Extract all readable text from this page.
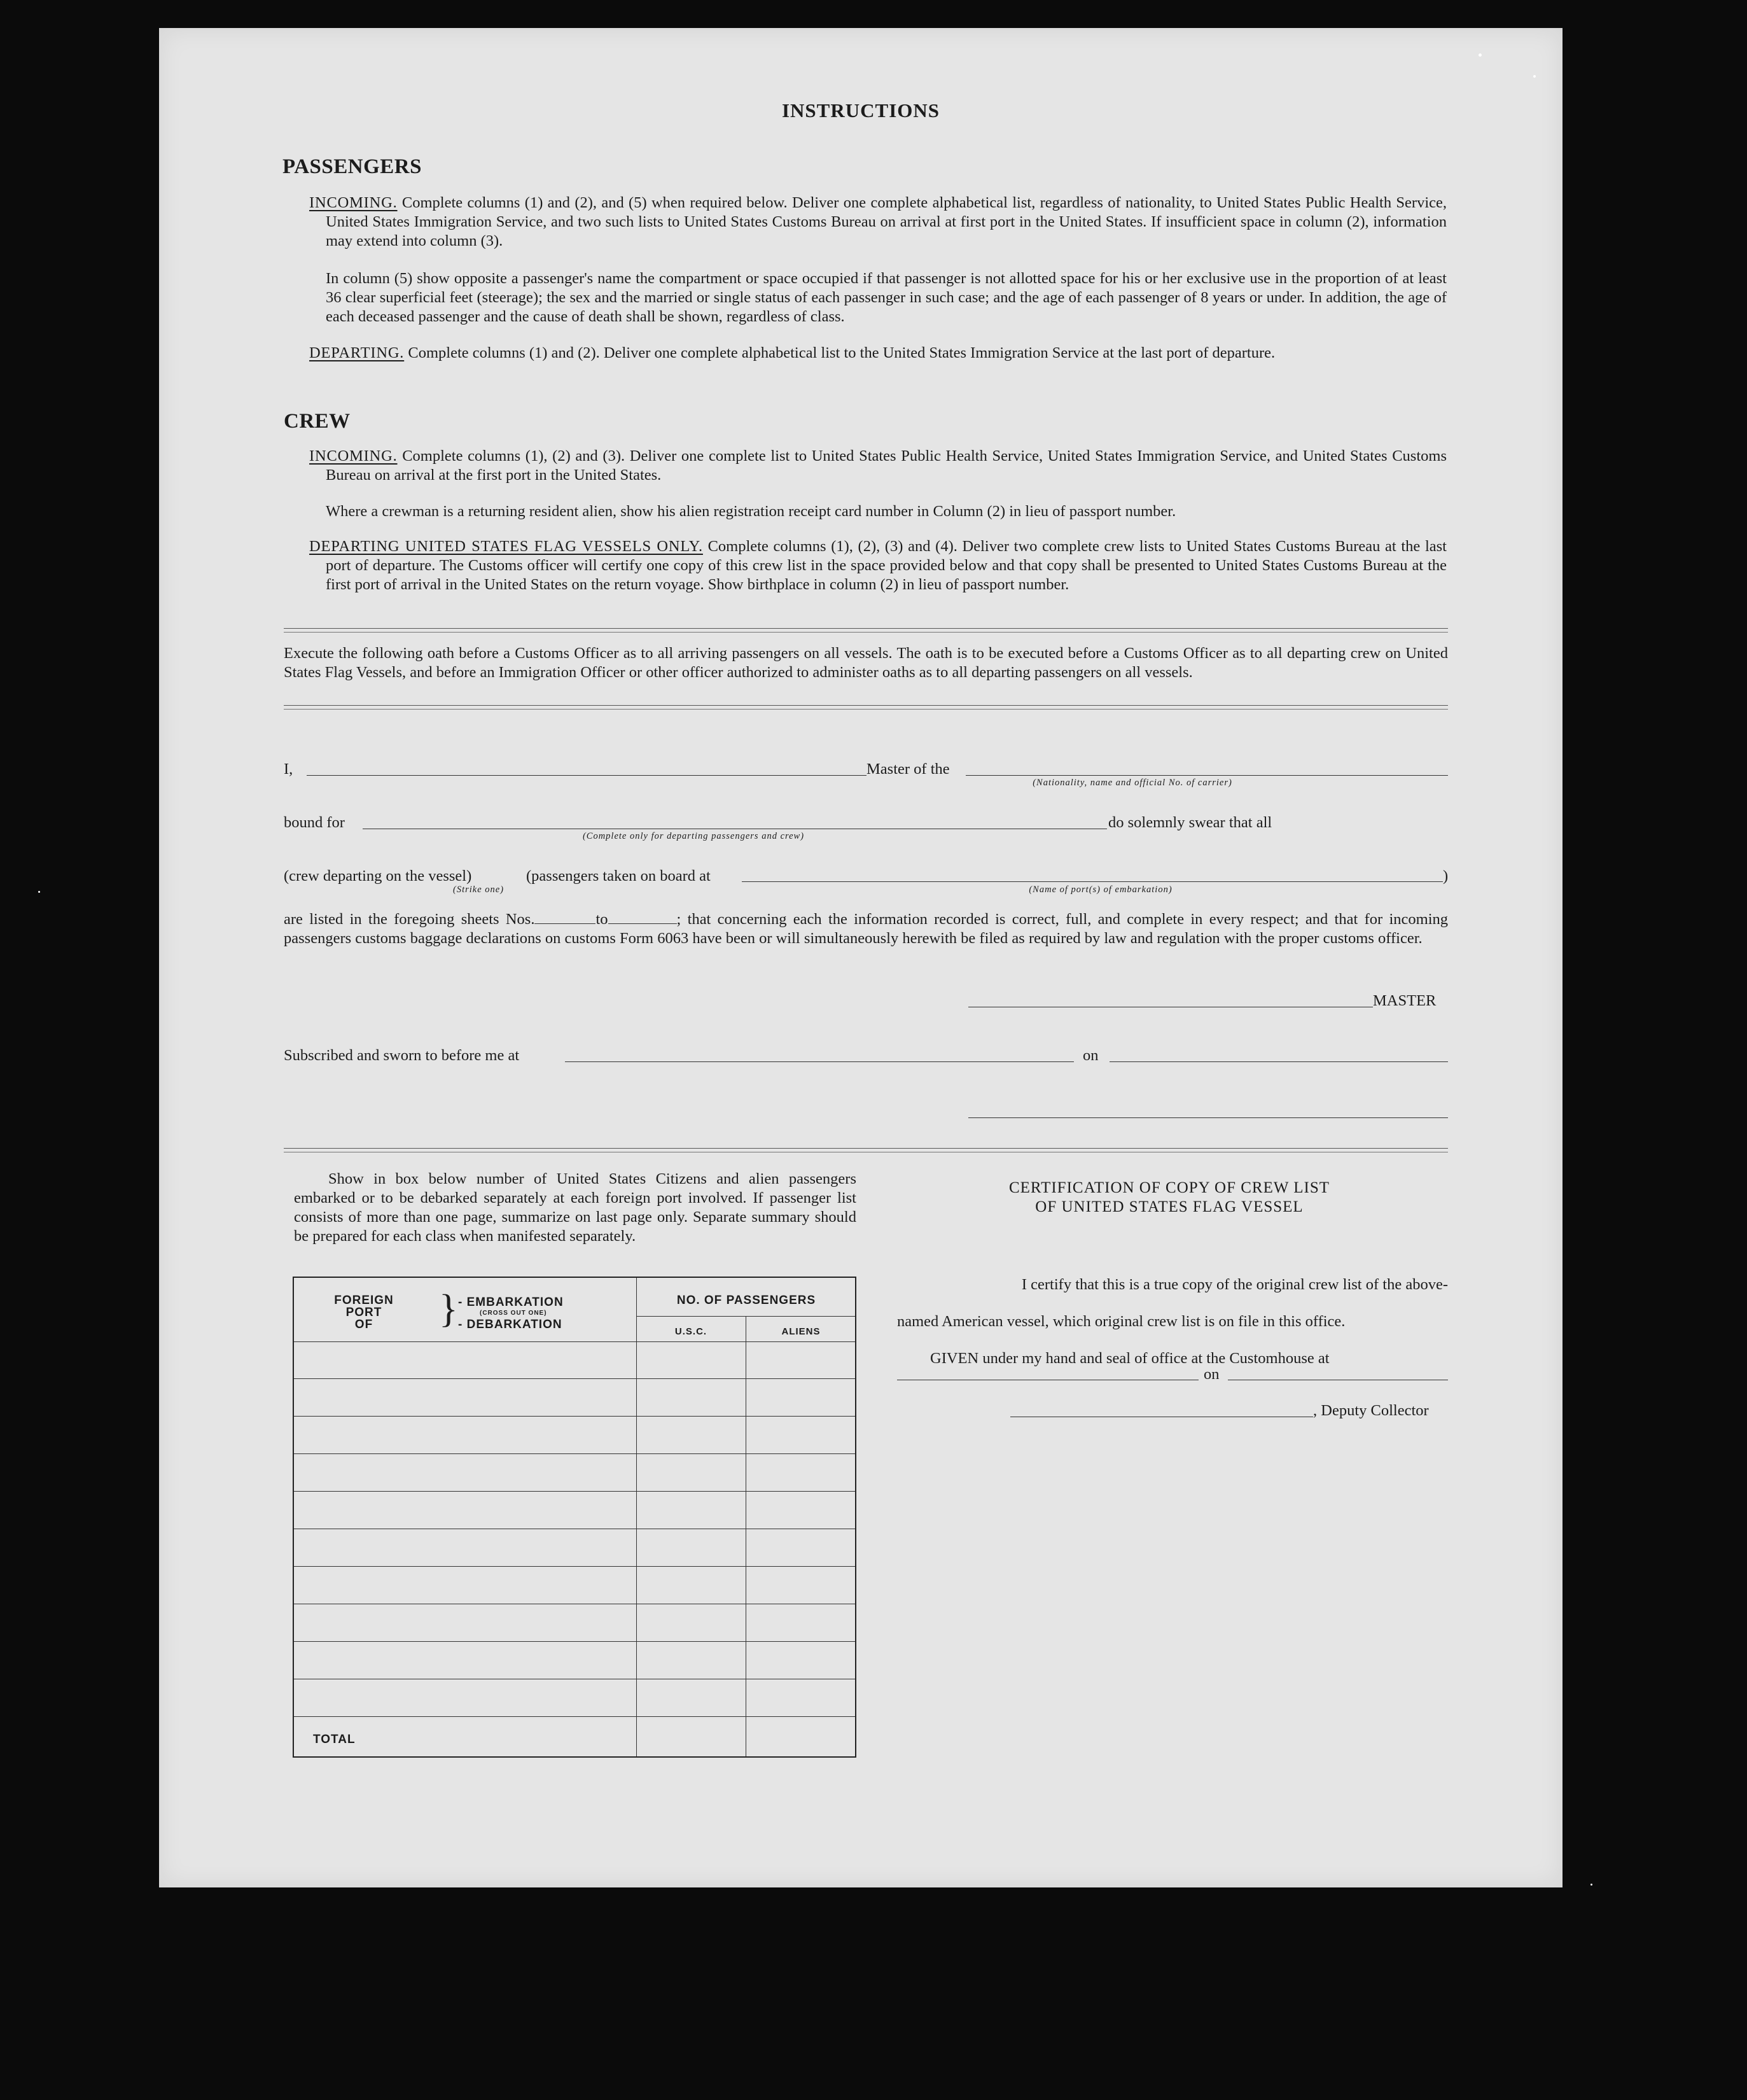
INSTRUCTIONS
PASSENGERS
INCOMING. Complete columns (1) and (2), and (5) when required below. Deliver one complete alphabetical list, regardless of nationality, to United States Public Health Service, United States Immigration Service, and two such lists to United States Customs Bureau on arrival at first port in the United States. If insufficient space in column (2), information may extend into column (3).
In column (5) show opposite a passenger's name the compartment or space occupied if that passenger is not allotted space for his or her exclusive use in the proportion of at least 36 clear superficial feet (steerage); the sex and the married or single status of each passenger in such case; and the age of each passenger of 8 years or under. In addition, the age of each deceased passenger and the cause of death shall be shown, regardless of class.
DEPARTING. Complete columns (1) and (2). Deliver one complete alphabetical list to the United States Immigration Service at the last port of departure.
CREW
INCOMING. Complete columns (1), (2) and (3). Deliver one complete list to United States Public Health Service, United States Immigration Service, and United States Customs Bureau on arrival at the first port in the United States.
Where a crewman is a returning resident alien, show his alien registration receipt card number in Column (2) in lieu of passport number.
DEPARTING UNITED STATES FLAG VESSELS ONLY. Complete columns (1), (2), (3) and (4). Deliver two complete crew lists to United States Customs Bureau at the last port of departure. The Customs officer will certify one copy of this crew list in the space provided below and that copy shall be presented to United States Customs Bureau at the first port of arrival in the United States on the return voyage. Show birthplace in column (2) in lieu of passport number.
Execute the following oath before a Customs Officer as to all arriving passengers on all vessels. The oath is to be executed before a Customs Officer as to all departing crew on United States Flag Vessels, and before an Immigration Officer or other officer authorized to administer oaths as to all departing passengers on all vessels.
I,	Master of the
(Nationality, name and official No. of carrier)
bound for
(Complete only for departing passengers and crew)
do solemnly swear that all
(crew departing on the vessel)
(Strike one)
(passengers taken on board at
(Name of port(s) of embarkation)
)
are listed in the foregoing sheets Nos.	to	; that concerning each the information recorded is correct, full, and complete in every respect; and that for incoming passengers customs baggage declarations on customs Form 6063 have been or will simultaneously herewith be filed as required by law and regulation with the proper customs officer.
MASTER
Subscribed and sworn to before me at	on
Show in box below number of United States Citizens and alien passengers embarked or to be debarked separately at each foreign port involved. If passenger list consists of more than one page, summarize on last page only. Separate summary should be prepared for each class when manifested separately.
FOREIGN
PORT
OF	} - EMBARKATION
(CROSS OUT ONE)
- DEBARKATION
NO. OF PASSENGERS
U.S.C.	ALIENS
TOTAL
CERTIFICATION OF COPY OF CREW LIST
OF UNITED STATES FLAG VESSEL
I certify that this is a true copy of the original crew list of the above-
named American vessel, which original crew list is on file in this office.
GIVEN under my hand and seal of office at the Customhouse at
on
, Deputy Collector
